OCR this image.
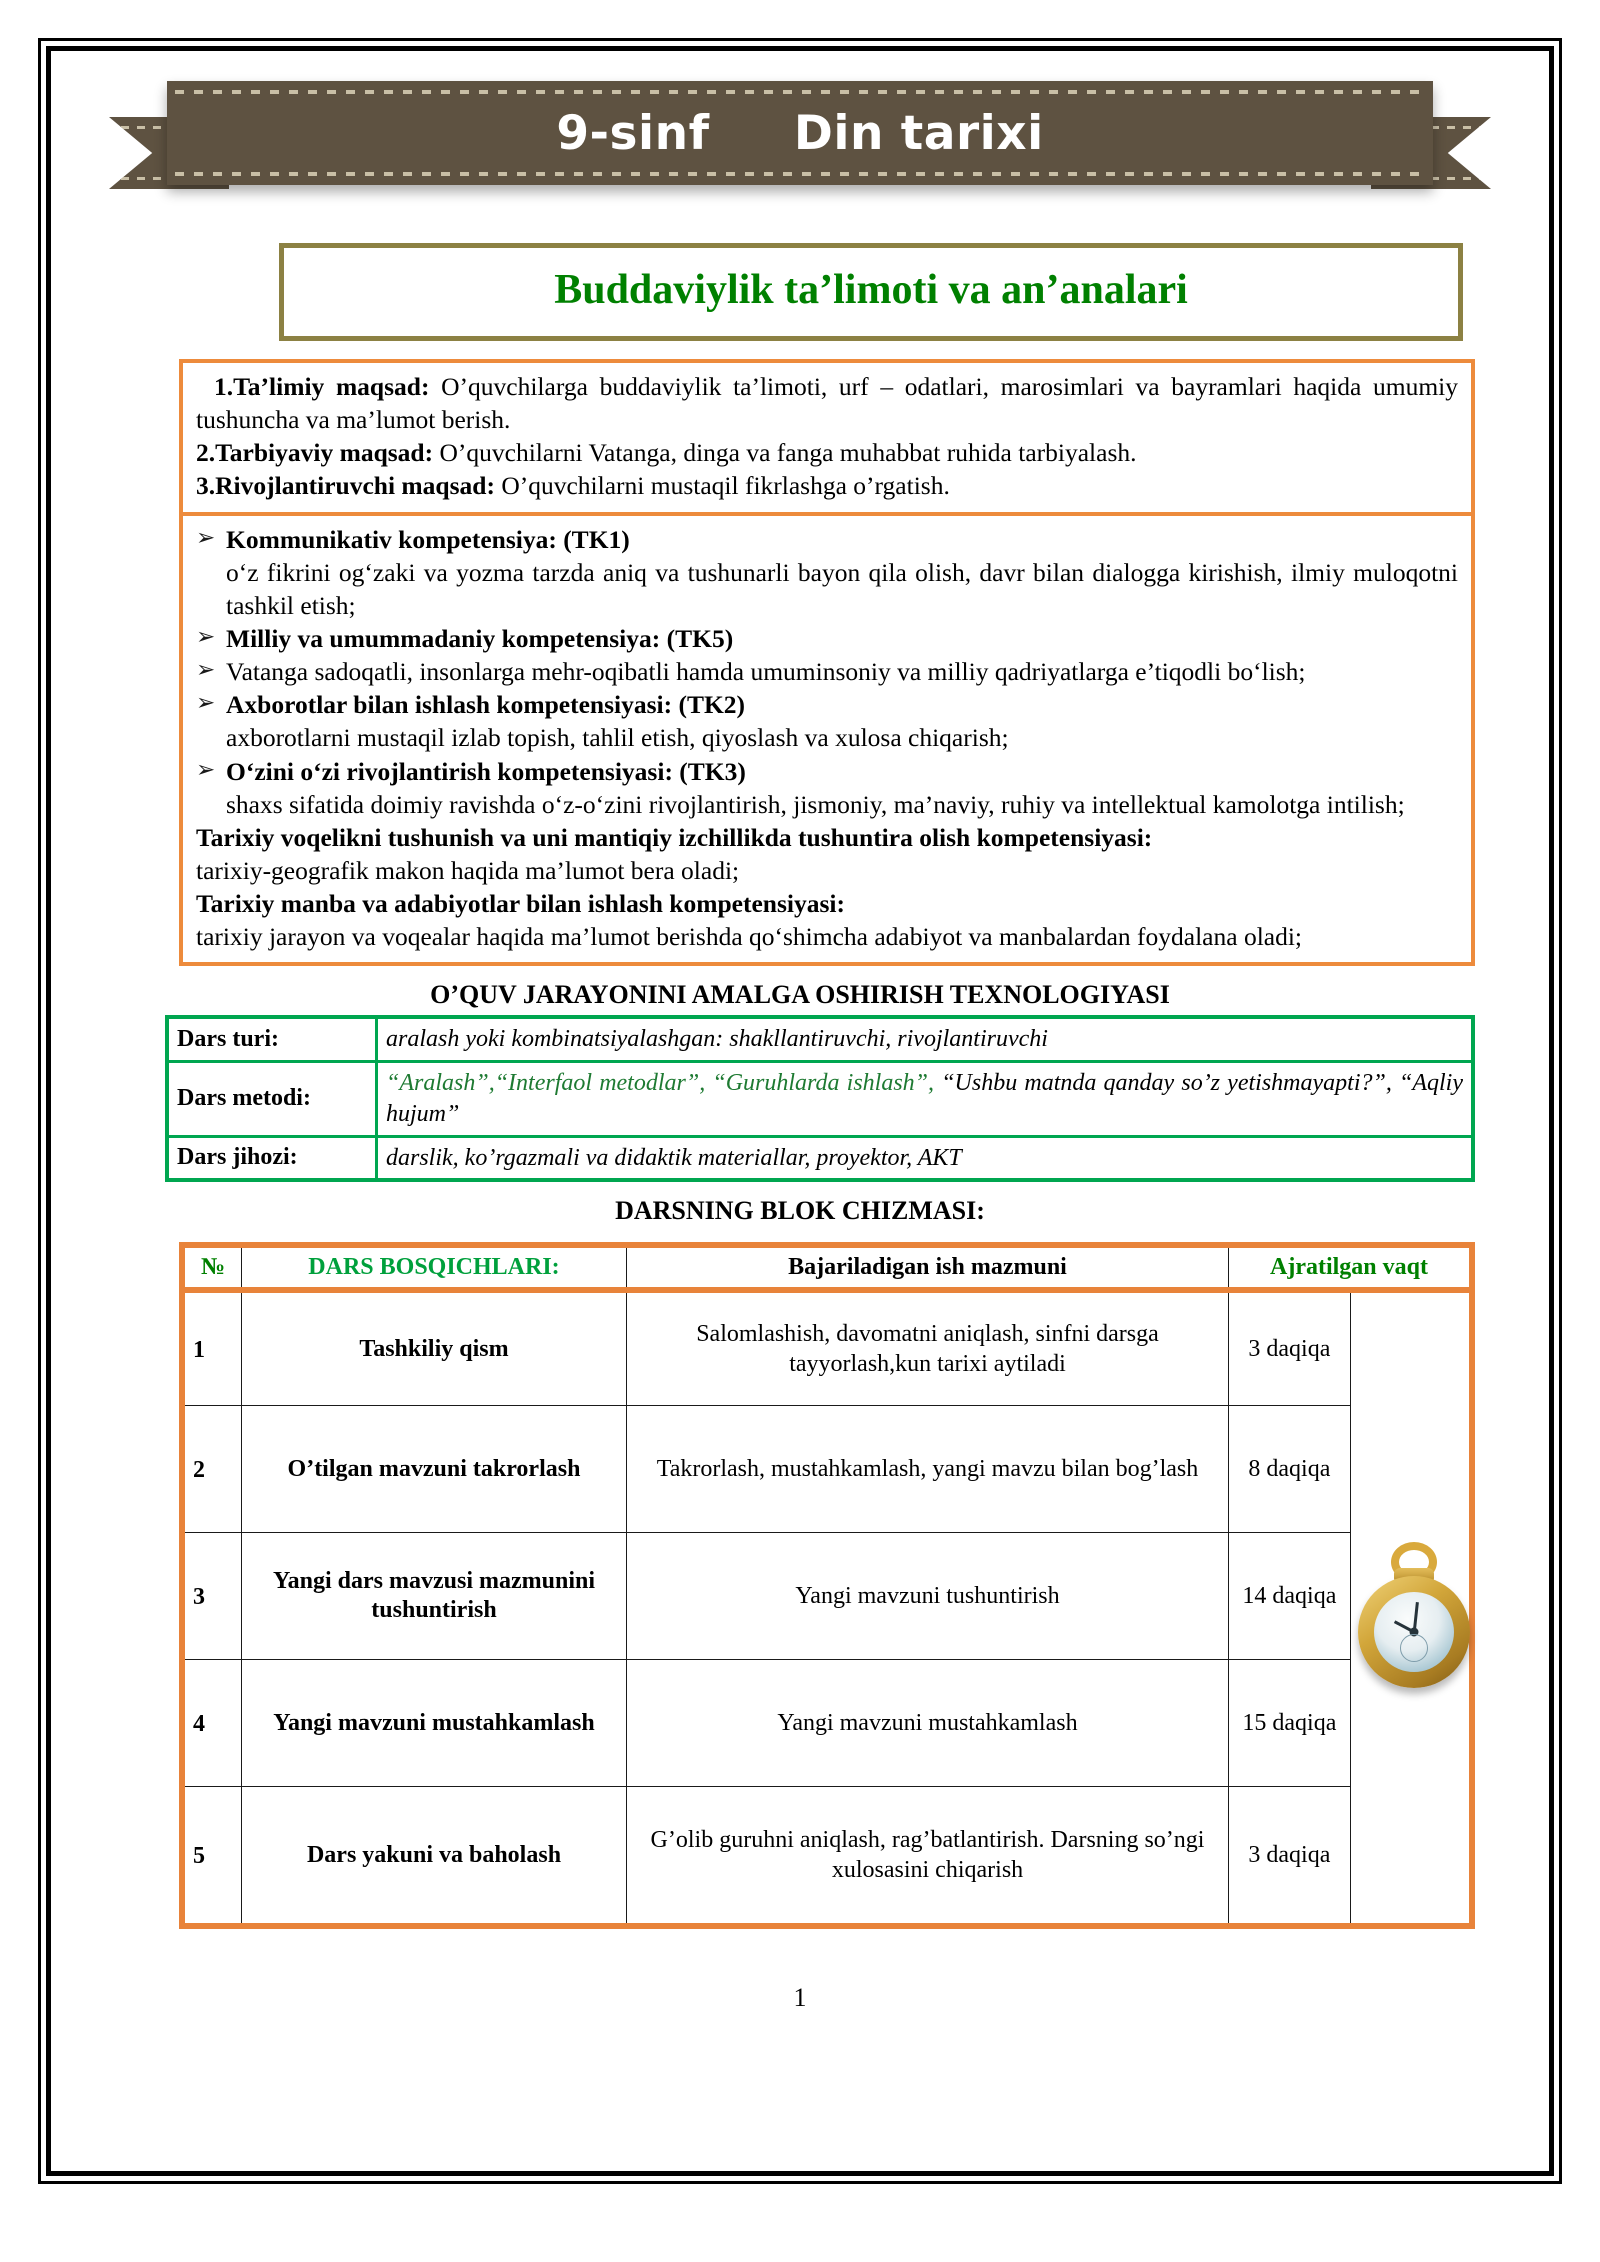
9-sinf     Din tarixi
Buddaviylik ta’limoti va an’analari
1.Ta’limiy maqsad: O’quvchilarga buddaviylik ta’limoti, urf – odatlari, marosimlari va bayramlari haqida umumiy tushuncha va ma’lumot berish.
2.Tarbiyaviy maqsad: O’quvchilarni Vatanga, dinga va fanga muhabbat ruhida tarbiyalash.
3.Rivojlantiruvchi maqsad: O’quvchilarni mustaqil fikrlashga o’rgatish.
➢ Kommunikativ kompetensiya: (TK1)
o‘z fikrini og‘zaki va yozma tarzda aniq va tushunarli bayon qila olish, davr bilan dialogga kirishish, ilmiy muloqotni tashkil etish;
➢ Milliy va umummadaniy kompetensiya: (TK5)
➢ Vatanga sadoqatli, insonlarga mehr-oqibatli hamda umuminsoniy va milliy qadriyatlarga e’tiqodli bo‘lish;
➢ Axborotlar bilan ishlash kompetensiyasi: (TK2)
axborotlarni mustaqil izlab topish, tahlil etish, qiyoslash va xulosa chiqarish;
➢ O‘zini o‘zi rivojlantirish kompetensiyasi: (TK3)
shaxs sifatida doimiy ravishda o‘z-o‘zini rivojlantirish, jismoniy, ma’naviy, ruhiy va intellektual kamolotga intilish;
Tarixiy voqelikni tushunish va uni mantiqiy izchillikda tushuntira olish kompetensiyasi:
tarixiy-geografik makon haqida ma’lumot bera oladi;
Tarixiy manba va adabiyotlar bilan ishlash kompetensiyasi:
tarixiy jarayon va voqealar haqida ma’lumot berishda qo‘shimcha adabiyot va manbalardan foydalana oladi;
O’QUV JARAYONINI AMALGA OSHIRISH TEXNOLOGIYASI
Dars turi:	aralash yoki kombinatsiyalashgan: shakllantiruvchi, rivojlantiruvchi
Dars metodi:	“Aralash”,“Interfaol metodlar”, “Guruhlarda ishlash”, “Ushbu matnda qanday so’z yetishmayapti?”, “Aqliy hujum”
Dars jihozi:	darslik, ko’rgazmali va didaktik materiallar, proyektor, AKT
DARSNING BLOK CHIZMASI:
№	DARS BOSQICHLARI:	Bajariladigan ish mazmuni	Ajratilgan vaqt	
1	Tashkiliy qism	Salomlashish, davomatni aniqlash, sinfni darsga tayyorlash,kun tarixi aytiladi	3 daqiqa	

2	O’tilgan mavzuni takrorlash	Takrorlash, mustahkamlash, yangi mavzu bilan bog’lash	8 daqiqa	
3	Yangi dars mavzusi mazmunini tushuntirish	Yangi mavzuni tushuntirish	14 daqiqa	
4	Yangi mavzuni mustahkamlash	Yangi mavzuni mustahkamlash	15 daqiqa	
5	Dars yakuni va baholash	G’olib guruhni aniqlash, rag’batlantirish. Darsning so’ngi xulosasini chiqarish	3 daqiqa	
1
